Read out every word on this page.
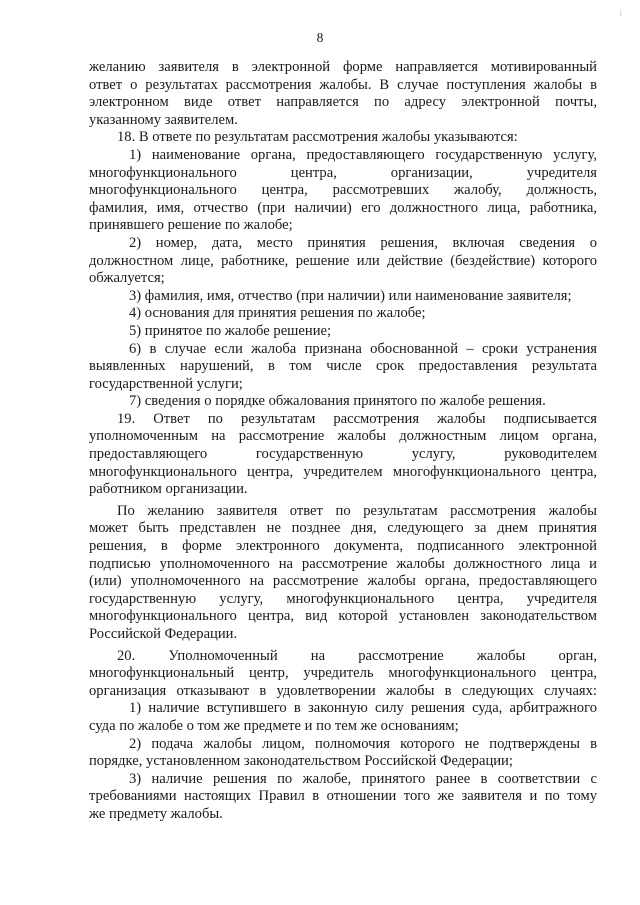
8
i
желанию заявителя в электронной форме направляется мотивированный
ответ о результатах рассмотрения жалобы. В случае поступления жалобы в
электронном виде ответ направляется по адресу электронной почты,
указанному заявителем.
18. В ответе по результатам рассмотрения жалобы указываются:
1) наименование органа, предоставляющего государственную услугу,
многофункционального центра, организации, учредителя
многофункционального центра, рассмотревших жалобу, должность,
фамилия, имя, отчество (при наличии) его должностного лица, работника,
принявшего решение по жалобе;
2) номер, дата, место принятия решения, включая сведения о
должностном лице, работнике, решение или действие (бездействие) которого
обжалуется;
3) фамилия, имя, отчество (при наличии) или наименование заявителя;
4) основания для принятия решения по жалобе;
5) принятое по жалобе решение;
6) в случае если жалоба признана обоснованной – сроки устранения
выявленных нарушений, в том числе срок предоставления результата
государственной услуги;
7) сведения о порядке обжалования принятого по жалобе решения.
19. Ответ по результатам рассмотрения жалобы подписывается
уполномоченным на рассмотрение жалобы должностным лицом органа,
предоставляющего государственную услугу, руководителем
многофункционального центра, учредителем многофункционального центра,
работником организации.
По желанию заявителя ответ по результатам рассмотрения жалобы
может быть представлен не позднее дня, следующего за днем принятия
решения, в форме электронного документа, подписанного электронной
подписью уполномоченного на рассмотрение жалобы должностного лица и
(или) уполномоченного на рассмотрение жалобы органа, предоставляющего
государственную услугу, многофункционального центра, учредителя
многофункционального центра, вид которой установлен законодательством
Российской Федерации.
20. Уполномоченный на рассмотрение жалобы орган,
многофункциональный центр, учредитель многофункционального центра,
организация отказывают в удовлетворении жалобы в следующих случаях:
1) наличие вступившего в законную силу решения суда, арбитражного
суда по жалобе о том же предмете и по тем же основаниям;
2) подача жалобы лицом, полномочия которого не подтверждены в
порядке, установленном законодательством Российской Федерации;
3) наличие решения по жалобе, принятого ранее в соответствии с
требованиями настоящих Правил в отношении того же заявителя и по тому
же предмету жалобы.
